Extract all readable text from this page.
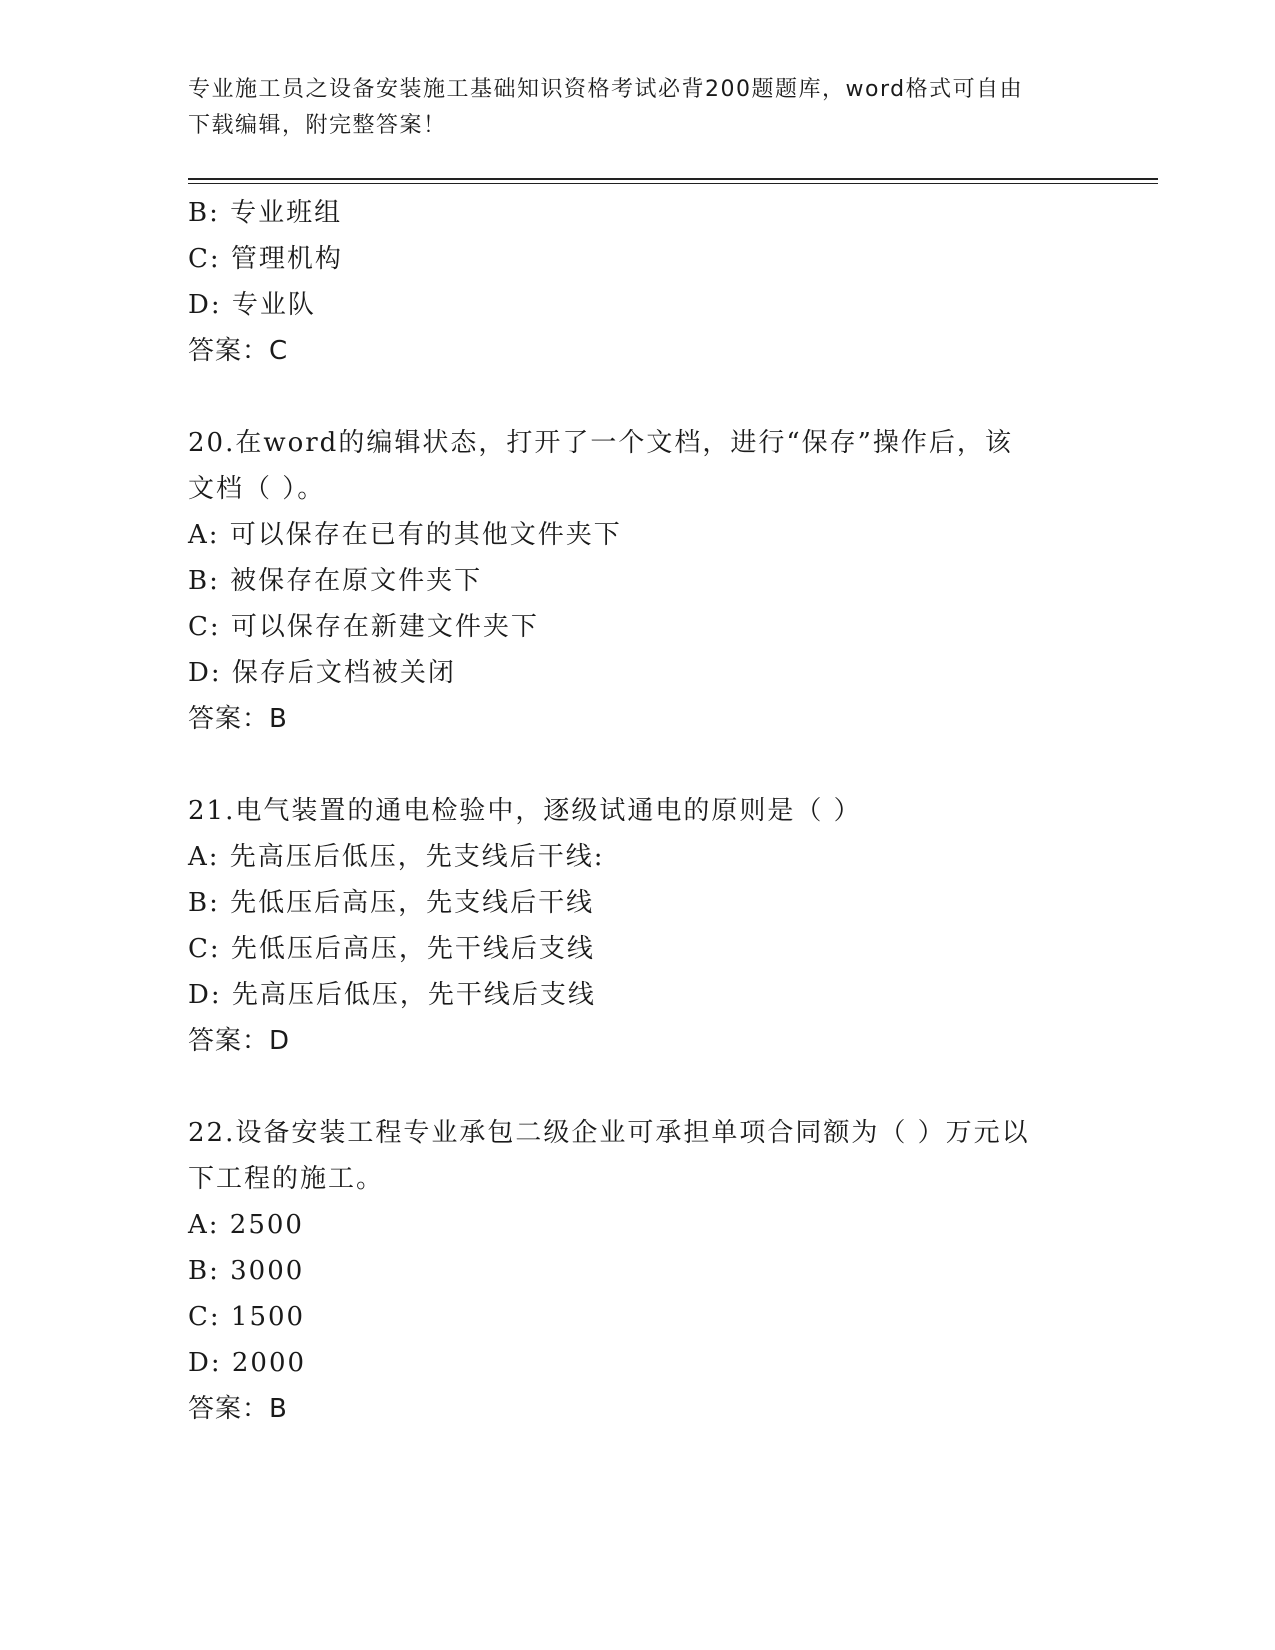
专业施工员之设备安装施工基础知识资格考试必背200题题库，word格式可自由
下载编辑，附完整答案！
B: 专业班组
C: 管理机构
D: 专业队
答案：C
20.在word的编辑状态，打开了一个文档，进行“保存”操作后，该
文档（ ）。
A: 可以保存在已有的其他文件夹下
B: 被保存在原文件夹下
C: 可以保存在新建文件夹下
D: 保存后文档被关闭
答案：B
21.电气装置的通电检验中，逐级试通电的原则是（ ）
A: 先高压后低压，先支线后干线:
B: 先低压后高压，先支线后干线
C: 先低压后高压，先干线后支线
D: 先高压后低压，先干线后支线
答案：D
22.设备安装工程专业承包二级企业可承担单项合同额为（ ）万元以
下工程的施工。
A: 2500
B: 3000
C: 1500
D: 2000
答案：B
